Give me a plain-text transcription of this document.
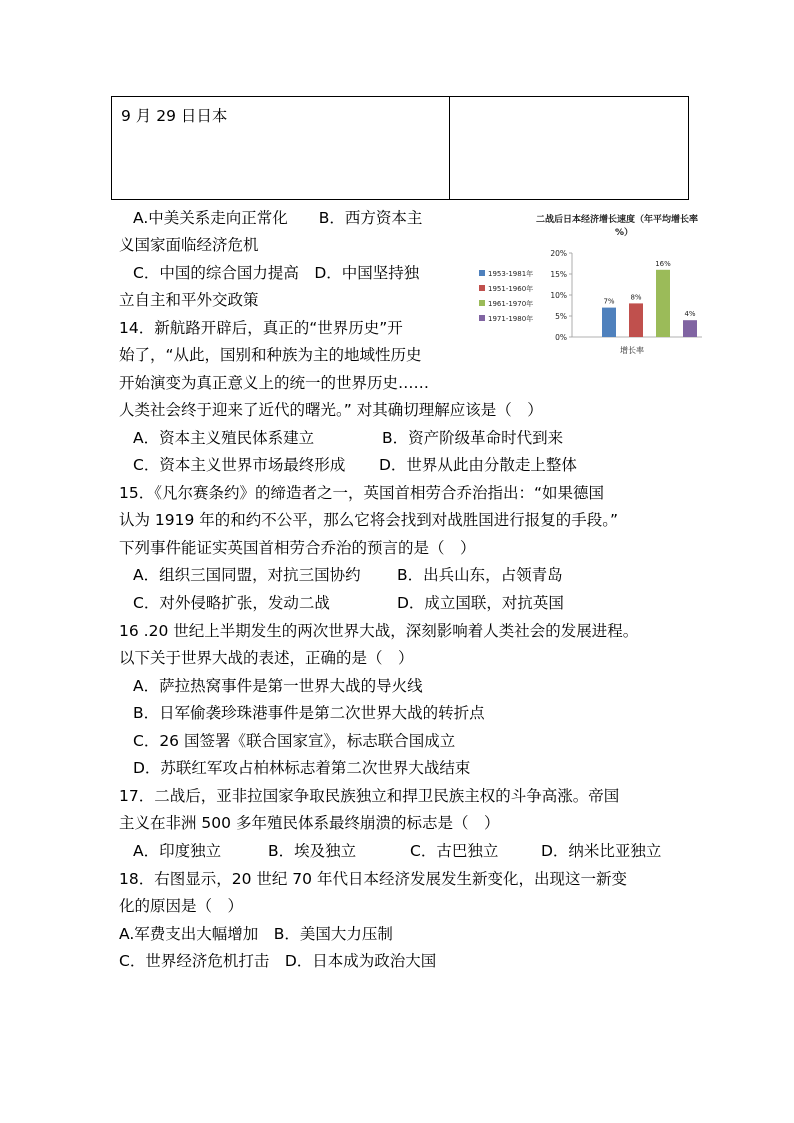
9 月 29 日日本
A.中美关系走向正常化　　B．西方资本主
义国家面临经济危机
C．中国的综合国力提高　D．中国坚持独
立自主和平外交政策
14．新航路开辟后，真正的“世界历史”开
始了，“从此，国别和种族为主的地域性历史
开始演变为真正意义上的统一的世界历史……
人类社会终于迎来了近代的曙光。” 对其确切理解应该是（　）
A．资本主义殖民体系建立	B．资产阶级革命时代到来
C．资本主义世界市场最终形成 D．世界从此由分散走上整体
15．《凡尔赛条约》的缔造者之一，英国首相劳合乔治指出：“如果德国
认为 1919 年的和约不公平，那么它将会找到对战胜国进行报复的手段。”
下列事件能证实英国首相劳合乔治的预言的是（　）
A．组织三国同盟，对抗三国协约 B．出兵山东，占领青岛
C．对外侵略扩张，发动二战	D．成立国联，对抗英国
16 .20 世纪上半期发生的两次世界大战，深刻影响着人类社会的发展进程。
以下关于世界大战的表述，正确的是（　）
A．萨拉热窝事件是第一世界大战的导火线
B．日军偷袭珍珠港事件是第二次世界大战的转折点
C．26 国签署《联合国家宣》，标志联合国成立
D．苏联红军攻占柏林标志着第二次世界大战结束
17．二战后，亚非拉国家争取民族独立和捍卫民族主权的斗争高涨。帝国
主义在非洲 500 多年殖民体系最终崩溃的标志是（　）
A．印度独立	B．埃及独立	C．古巴独立	D．纳米比亚独立
18．右图显示，20 世纪 70 年代日本经济发展发生新变化，出现这一新变
化的原因是（　）
A.军费支出大幅增加　B．美国大力压制
C．世界经济危机打击　D．日本成为政治大国
二战后日本经济增长速度（年平均增长率
%）
0%
5%
10%
15%
20%
1953-1981年
1951-1960年
1961-1970年
1971-1980年
7%
8%
16%
4%
增长率
